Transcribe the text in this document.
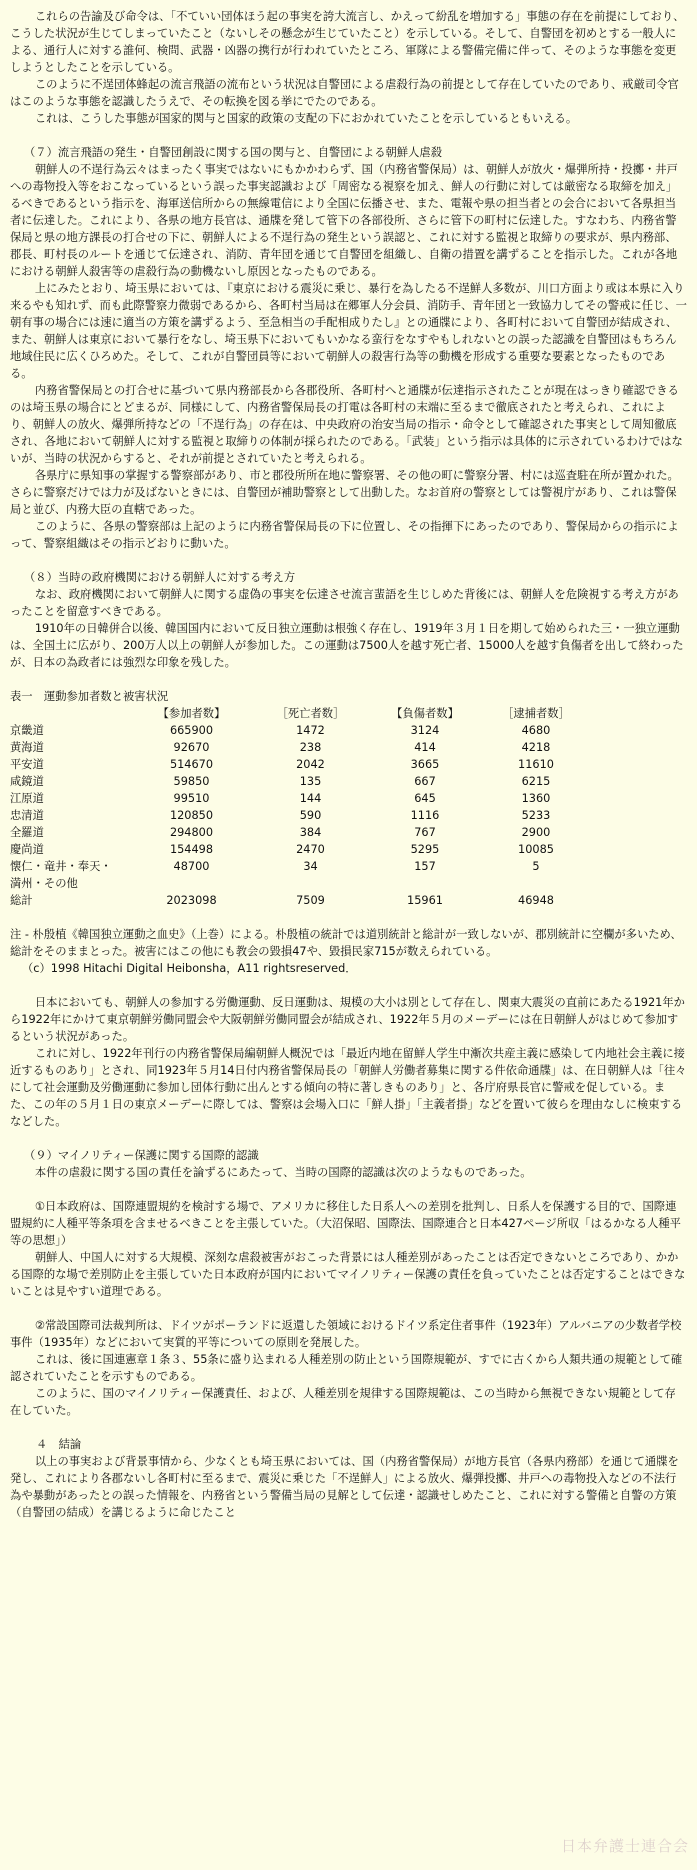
これらの告諭及び命令は、「不ていい団体ほう起の事実を誇大流言し、かえって紛乱を増加する」事態の存在を前提にしており、こうした状況が生じてしまっていたこと（ないしその懸念が生じていたこと）を示している。そして、自警団を初めとする一般人による、通行人に対する誰何、検問、武器・凶器の携行が行われていたところ、軍隊による警備完備に伴って、そのような事態を変更しようとしたことを示している。

このように不逞団体蜂起の流言飛語の流布という状況は自警団による虐殺行為の前提として存在していたのであり、戒厳司令官はこのような事態を認識したうえで、その転換を図る挙にでたのである。

これは、こうした事態が国家的関与と国家的政策の支配の下におかれていたことを示しているともいえる。

（７）流言飛語の発生・自警団創設に関する国の関与と、自警団による朝鮮人虐殺

朝鮮人の不逞行為云々はまったく事実ではないにもかかわらず、国（内務省警保局）は、朝鮮人が放火・爆弾所持・投擲・井戸への毒物投入等をおこなっているという誤った事実認識および「周密なる視察を加え、鮮人の行動に対しては厳密なる取締を加え」るべきであるという指示を、海軍送信所からの無線電信により全国に伝播させ、また、電報や県の担当者との会合において各県担当者に伝達した。これにより、各県の地方長官は、通牒を発して管下の各部役所、さらに管下の町村に伝達した。すなわち、内務省警保局と県の地方課長の打合せの下に、朝鮮人による不逞行為の発生という誤認と、これに対する監視と取締りの要求が、県内務部、郡長、町村長のルートを通じて伝達され、消防、青年団を通じて自警団を組織し、自衛の措置を講ずることを指示した。これが各地における朝鮮人殺害等の虐殺行為の動機ないし原因となったものである。

上にみたとおり、埼玉県においては、『東京における震災に乗じ、暴行を為したる不逞鮮人多数が、川口方面より或は本県に入り来るやも知れず、而も此際警察力微弱であるから、各町村当局は在郷軍人分会員、消防手、青年団と一致協力してその警戒に任じ、一朝有事の場合には速に適当の方策を講ずるよう、至急相当の手配相成りたし』との通牒により、各町村において自警団が結成され、また、朝鮮人は東京において暴行をなし、埼玉県下においてもいかなる蛮行をなすやもしれないとの誤った認識を自警団はもちろん地域住民に広くひろめた。そして、これが自警団員等において朝鮮人の殺害行為等の動機を形成する重要な要素となったものである。

内務省警保局との打合せに基づいて県内務部長から各郡役所、各町村へと通牒が伝達指示されたことが現在はっきり確認できるのは埼玉県の場合にとどまるが、同様にして、内務省警保局長の打電は各町村の末端に至るまで徹底されたと考えられ、これにより、朝鮮人の放火、爆弾所持などの「不逞行為」の存在は、中央政府の治安当局の指示・命令として確認された事実として周知徹底され、各地において朝鮮人に対する監視と取締りの体制が採られたのである。「武装」という指示は具体的に示されているわけではないが、当時の状況からすると、それが前提とされていたと考えられる。

各県庁に県知事の掌握する警察部があり、市と郡役所所在地に警察署、その他の町に警察分署、村には巡査駐在所が置かれた。さらに警察だけでは力が及ばないときには、自警団が補助警察として出動した。なお首府の警察としては警視庁があり、これは警保局と並び、内務大臣の直轄であった。

このように、各県の警察部は上記のように内務省警保局長の下に位置し、その指揮下にあったのであり、警保局からの指示によって、警察組織はその指示どおりに動いた。

（８）当時の政府機関における朝鮮人に対する考え方

なお、政府機関において朝鮮人に関する虚偽の事実を伝達させ流言蜚語を生じしめた背後には、朝鮮人を危険視する考え方があったことを留意すべきである。

1910年の日韓併合以後、韓国国内において反日独立運動は根強く存在し、1919年３月１日を期して始められた三・一独立運動は、全国土に広がり、200万人以上の朝鮮人が参加した。この運動は7500人を越す死亡者、15000人を越す負傷者を出して終わったが、日本の為政者には強烈な印象を残した。

表一　運動参加者数と被害状況

	【参加者数】	［死亡者数］	【負傷者数】	［逮捕者数］
京畿道	665900	1472	3124	4680
黄海道	92670	238	414	4218
平安道	514670	2042	3665	11610
咸鏡道	59850	135	667	6215
江原道	99510	144	645	1360
忠清道	120850	590	1116	5233
全羅道	294800	384	767	2900
慶尚道	154498	2470	5295	10085
懐仁・竜井・奉天・	48700	34	157	5
満州・その他				
総計	2023098	7509	15961	46948

注 - 朴殷植《韓国独立運動之血史》（上巻）による。朴殷植の統計では道別統計と総計が一致しないが、郡別統計に空欄が多いため、総計をそのままとった。被害にはこの他にも教会の毀損47や、毀損民家715が数えられている。

（c）1998 Hitachi Digital Heibonsha，A11 rightsreserved．

日本においても、朝鮮人の参加する労働運動、反日運動は、規模の大小は別として存在し、関東大震災の直前にあたる1921年から1922年にかけて東京朝鮮労働同盟会や大阪朝鮮労働同盟会が結成され、1922年５月のメーデーには在日朝鮮人がはじめて参加するという状況があった。

これに対し、1922年刊行の内務省警保局編朝鮮人概況では「最近内地在留鮮人学生中漸次共産主義に感染して内地社会主義に接近するものあり」とされ、同1923年５月14日付内務省警保局長の「朝鮮人労働者募集に関する件依命通牒」は、在日朝鮮人は「往々にして社会運動及労働運動に参加し団体行動に出んとする傾向の特に著しきものあり」と、各庁府県長官に警戒を促している。また、この年の５月１日の東京メーデーに際しては、警察は会場入口に「鮮人掛」「主義者掛」などを置いて彼らを理由なしに検束するなどした。

（９）マイノリティー保護に関する国際的認識

本件の虐殺に関する国の責任を論ずるにあたって、当時の国際的認識は次のようなものであった。

①日本政府は、国際連盟規約を検討する場で、アメリカに移住した日系人への差別を批判し、日系人を保護する目的で、国際連盟規約に人種平等条項を含ませるべきことを主張していた。（大沼保昭、国際法、国際連合と日本427ページ所収「はるかなる人種平等の思想」）

朝鮮人、中国人に対する大規模、深刻な虐殺被害がおこった背景には人種差別があったことは否定できないところであり、かかる国際的な場で差別防止を主張していた日本政府が国内においてマイノリティー保護の責任を負っていたことは否定することはできないことは見やすい道理である。

②常設国際司法裁判所は、ドイツがポーランドに返還した領域におけるドイツ系定住者事件（1923年）アルバニアの少数者学校事件（1935年）などにおいて実質的平等についての原則を発展した。

これは、後に国連憲章１条３、55条に盛り込まれる人種差別の防止という国際規範が、すでに古くから人類共通の規範として確認されていたことを示すものである。

このように、国のマイノリティー保護責任、および、人種差別を規律する国際規範は、この当時から無視できない規範として存在していた。

４　結論

以上の事実および背景事情から、少なくとも埼玉県においては、国（内務省警保局）が地方長官（各県内務部）を通じて通牒を発し、これにより各郡ないし各町村に至るまで、震災に乗じた「不逞鮮人」による放火、爆弾投擲、井戸への毒物投入などの不法行為や暴動があったとの誤った情報を、内務省という警備当局の見解として伝達・認識せしめたこと、これに対する警備と自警の方策（自警団の結成）を講じるように命じたこと

日本弁護士連合会
